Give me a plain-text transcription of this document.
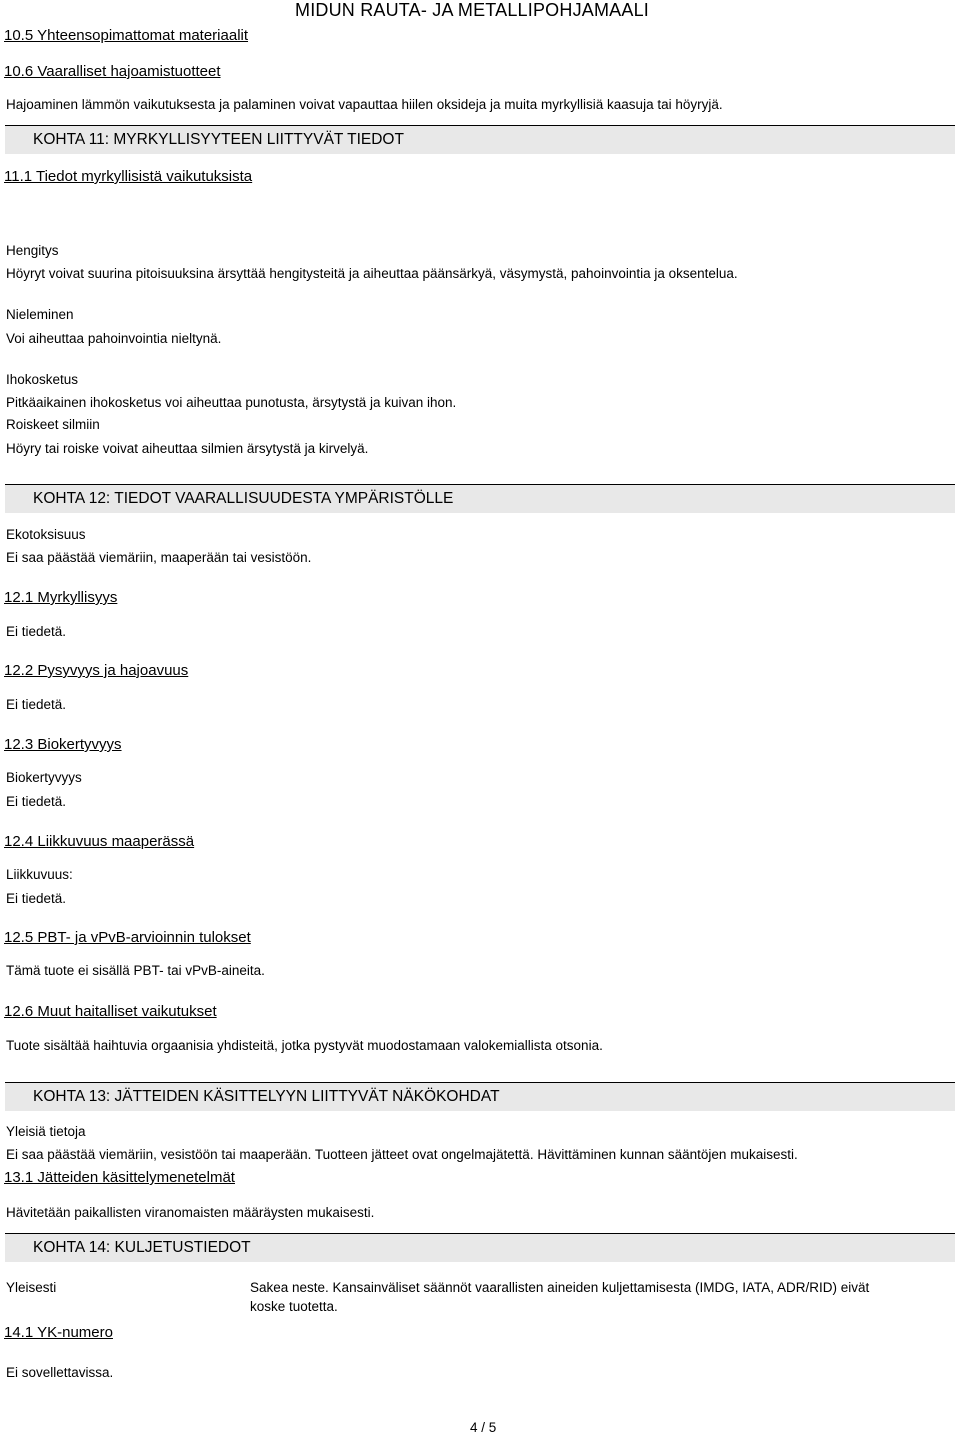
MIDUN RAUTA- JA METALLIPOHJAMAALI
10.5 Yhteensopimattomat materiaalit
10.6 Vaaralliset hajoamistuotteet
Hajoaminen lämmön vaikutuksesta ja palaminen voivat vapauttaa hiilen oksideja ja muita myrkyllisiä kaasuja tai höyryjä.
KOHTA 11: MYRKYLLISYYTEEN LIITTYVÄT TIEDOT
11.1 Tiedot myrkyllisistä vaikutuksista
Hengitys
Höyryt voivat suurina pitoisuuksina ärsyttää hengitysteitä ja aiheuttaa päänsärkyä, väsymystä, pahoinvointia ja oksentelua.
Nieleminen
Voi aiheuttaa pahoinvointia nieltynä.
Ihokosketus
Pitkäaikainen ihokosketus voi aiheuttaa punotusta, ärsytystä ja kuivan ihon.
Roiskeet silmiin
Höyry tai roiske voivat aiheuttaa silmien ärsytystä ja kirvelyä.
KOHTA 12: TIEDOT VAARALLISUUDESTA YMPÄRISTÖLLE
Ekotoksisuus
Ei saa päästää viemäriin, maaperään tai vesistöön.
12.1 Myrkyllisyys
Ei tiedetä.
12.2 Pysyvyys ja hajoavuus
Ei tiedetä.
12.3 Biokertyvyys
Biokertyvyys
Ei tiedetä.
12.4 Liikkuvuus maaperässä
Liikkuvuus:
Ei tiedetä.
12.5 PBT- ja vPvB-arvioinnin tulokset
Tämä tuote ei sisällä PBT- tai vPvB-aineita.
12.6 Muut haitalliset vaikutukset
Tuote sisältää haihtuvia orgaanisia yhdisteitä, jotka pystyvät muodostamaan valokemiallista otsonia.
KOHTA 13: JÄTTEIDEN KÄSITTELYYN LIITTYVÄT NÄKÖKOHDAT
Yleisiä tietoja
Ei saa päästää viemäriin, vesistöön tai maaperään. Tuotteen jätteet ovat ongelmajätettä. Hävittäminen kunnan sääntöjen mukaisesti.
13.1 Jätteiden käsittelymenetelmät
Hävitetään paikallisten viranomaisten määräysten mukaisesti.
KOHTA 14: KULJETUSTIEDOT
Yleisesti	Sakea neste. Kansainväliset säännöt vaarallisten aineiden kuljettamisesta (IMDG, IATA, ADR/RID) eivät
koske tuotetta.
14.1 YK-numero
Ei sovellettavissa.
4 / 5
